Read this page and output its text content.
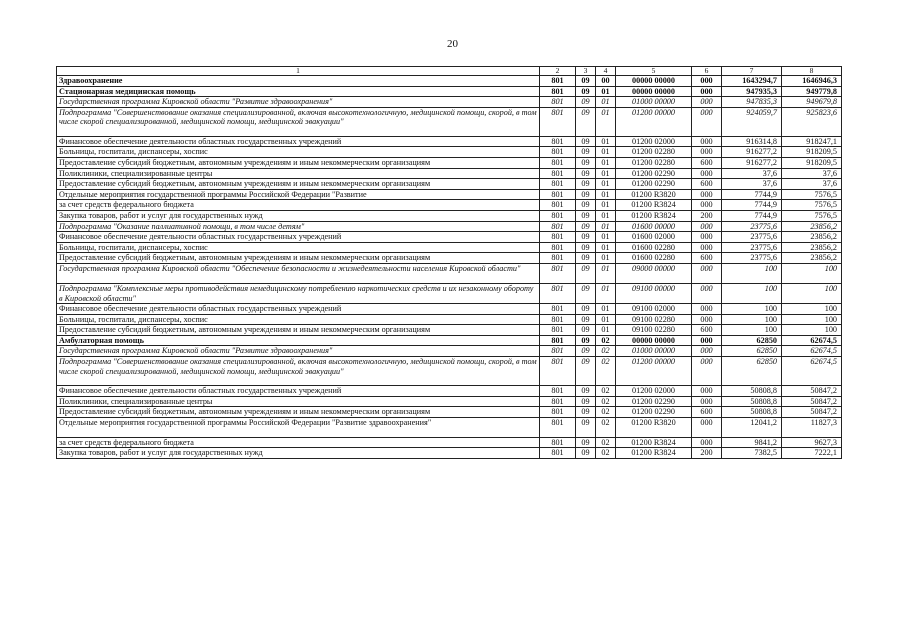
20
1	2	3	4	5	6	7	8
Здравоохранение	801	09	00	00000 00000	000	1643294,7	1646946,3
Стационарная медицинская помощь	801	09	01	00000 00000	000	947935,3	949779,8
Государственная программа Кировской области "Развитие здравоохранения"	801	09	01	01000 00000	000	947835,3	949679,8
Подпрограмма "Совершенствование оказания специализированной, включая высокотехнологичную, медицинской помощи, скорой, в том числе скорой специализированной, медицинской помощи, медицинской эвакуации"	801	09	01	01200 00000	000	924059,7	925823,6
Финансовое обеспечение деятельности областных государственных учреждений	801	09	01	01200 02000	000	916314,8	918247,1
Больницы, госпитали, диспансеры, хоспис	801	09	01	01200 02280	000	916277,2	918209,5
Предоставление субсидий бюджетным, автономным учреждениям и иным некоммерческим организациям	801	09	01	01200 02280	600	916277,2	918209,5
Поликлиники, специализированные центры	801	09	01	01200 02290	000	37,6	37,6
Предоставление субсидий бюджетным, автономным учреждениям и иным некоммерческим организациям	801	09	01	01200 02290	600	37,6	37,6
Отдельные мероприятия государственной программы Российской Федерации "Развитие	801	09	01	01200 R3820	000	7744,9	7576,5
за счет средств федерального бюджета	801	09	01	01200 R3824	000	7744,9	7576,5
Закупка товаров, работ и услуг для государственных нужд	801	09	01	01200 R3824	200	7744,9	7576,5
Подпрограмма "Оказание паллиативной помощи, в том числе детям"	801	09	01	01600 00000	000	23775,6	23856,2
Финансовое обеспечение деятельности областных государственных учреждений	801	09	01	01600 02000	000	23775,6	23856,2
Больницы, госпитали, диспансеры, хоспис	801	09	01	01600 02280	000	23775,6	23856,2
Предоставление субсидий бюджетным, автономным учреждениям и иным некоммерческим организациям	801	09	01	01600 02280	600	23775,6	23856,2
Государственная программа Кировской области "Обеспечение безопасности и жизнедеятельности населения Кировской области"	801	09	01	09000 00000	000	100	100
Подпрограмма "Комплексные меры противодействия немедицинскому потреблению наркотических средств и их незаконному обороту в Кировской области"	801	09	01	09100 00000	000	100	100
Финансовое обеспечение деятельности областных государственных учреждений	801	09	01	09100 02000	000	100	100
Больницы, госпитали, диспансеры, хоспис	801	09	01	09100 02280	000	100	100
Предоставление субсидий бюджетным, автономным учреждениям и иным некоммерческим организациям	801	09	01	09100 02280	600	100	100
Амбулаторная помощь	801	09	02	00000 00000	000	62850	62674,5
Государственная программа Кировской области "Развитие здравоохранения"	801	09	02	01000 00000	000	62850	62674,5
Подпрограмма "Совершенствование оказания специализированной, включая высокотехнологичную, медицинской помощи, скорой, в том числе скорой специализированной, медицинской помощи, медицинской эвакуации"	801	09	02	01200 00000	000	62850	62674,5
Финансовое обеспечение деятельности областных государственных учреждений	801	09	02	01200 02000	000	50808,8	50847,2
Поликлиники, специализированные центры	801	09	02	01200 02290	000	50808,8	50847,2
Предоставление субсидий бюджетным, автономным учреждениям и иным некоммерческим организациям	801	09	02	01200 02290	600	50808,8	50847,2
Отдельные мероприятия государственной программы Российской Федерации "Развитие здравоохранения"	801	09	02	01200 R3820	000	12041,2	11827,3
за счет средств федерального бюджета	801	09	02	01200 R3824	000	9841,2	9627,3
Закупка товаров, работ и услуг для государственных нужд	801	09	02	01200 R3824	200	7382,5	7222,1
